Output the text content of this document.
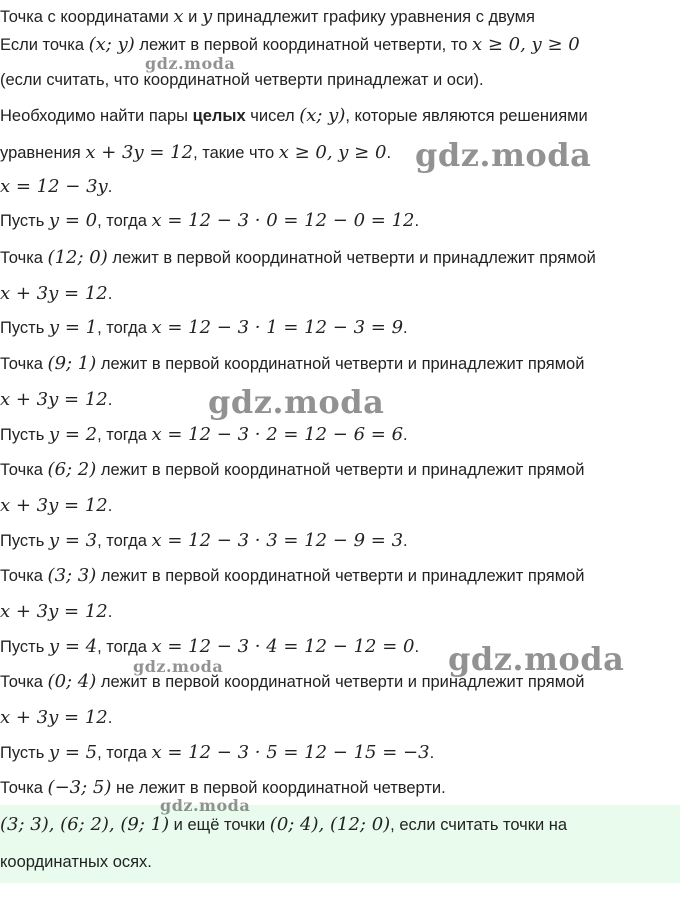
Точка с координатами x и y принадлежит графику уравнения с двумя
Если точка (x; y) лежит в первой координатной четверти, то x ≥ 0, y ≥ 0
(если считать, что координатной четверти принадлежат и оси).
Необходимо найти пары целых чисел (x; y), которые являются решениями
уравнения x + 3y = 12, такие что x ≥ 0, y ≥ 0.
x = 12 − 3y.
Пусть y = 0, тогда x = 12 − 3 · 0 = 12 − 0 = 12.
Точка (12; 0) лежит в первой координатной четверти и принадлежит прямой
x + 3y = 12.
Пусть y = 1, тогда x = 12 − 3 · 1 = 12 − 3 = 9.
Точка (9; 1) лежит в первой координатной четверти и принадлежит прямой
x + 3y = 12.
Пусть y = 2, тогда x = 12 − 3 · 2 = 12 − 6 = 6.
Точка (6; 2) лежит в первой координатной четверти и принадлежит прямой
x + 3y = 12.
Пусть y = 3, тогда x = 12 − 3 · 3 = 12 − 9 = 3.
Точка (3; 3) лежит в первой координатной четверти и принадлежит прямой
x + 3y = 12.
Пусть y = 4, тогда x = 12 − 3 · 4 = 12 − 12 = 0.
Точка (0; 4) лежит в первой координатной четверти и принадлежит прямой
x + 3y = 12.
Пусть y = 5, тогда x = 12 − 3 · 5 = 12 − 15 = −3.
Точка (−3; 5) не лежит в первой координатной четверти.
(3; 3), (6; 2), (9; 1) и ещё точки (0; 4), (12; 0), если считать точки на
координатных осях.
gdz.moda
gdz.moda
gdz.moda
gdz.moda
gdz.moda
gdz.moda
